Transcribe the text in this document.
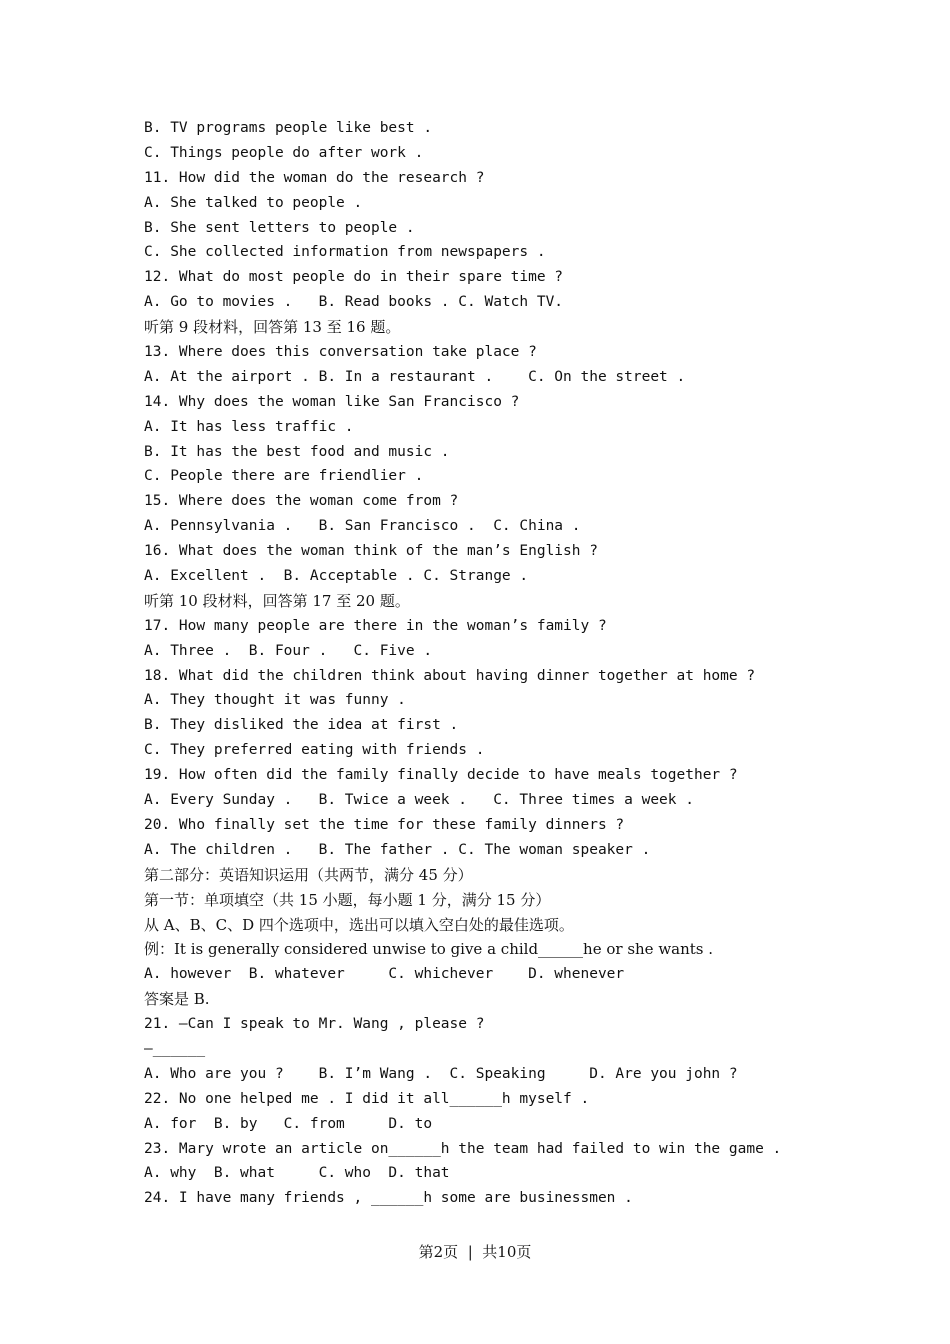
B. TV programs people like best .
C. Things people do after work .
11. How did the woman do the research ?
A. She talked to people .
B. She sent letters to people .
C. She collected information from newspapers .
12. What do most people do in their spare time ?
A. Go to movies .   B. Read books . C. Watch TV.
听第 9 段材料，回答第 13 至 16 题。
13. Where does this conversation take place ?
A. At the airport . B. In a restaurant .    C. On the street .
14. Why does the woman like San Francisco ?
A. It has less traffic .
B. It has the best food and music .
C. People there are friendlier .
15. Where does the woman come from ?
A. Pennsylvania .   B. San Francisco .  C. China .
16. What does the woman think of the man’s English ?
A. Excellent .  B. Acceptable . C. Strange .
听第 10 段材料，回答第 17 至 20 题。
17. How many people are there in the woman’s family ?
A. Three .  B. Four .   C. Five .
18. What did the children think about having dinner together at home ?
A. They thought it was funny .
B. They disliked the idea at first .
C. They preferred eating with friends .
19. How often did the family finally decide to have meals together ?
A. Every Sunday .   B. Twice a week .   C. Three times a week .
20. Who finally set the time for these family dinners ?
A. The children .   B. The father . C. The woman speaker .
第二部分：英语知识运用（共两节，满分 45 分）
第一节：单项填空（共 15 小题，每小题 1 分，满分 15 分）
从 A、B、C、D 四个选项中，选出可以填入空白处的最佳选项。
例：It is generally considered unwise to give a child______he or she wants .
A. however  B. whatever     C. whichever    D. whenever
答案是 B.
21. —Can I speak to Mr. Wang , please ?
—______
A. Who are you ?    B. I’m Wang .  C. Speaking     D. Are you john ?
22. No one helped me . I did it all______h myself .
A. for  B. by   C. from     D. to
23. Mary wrote an article on______h the team had failed to win the game .
A. why  B. what     C. who  D. that
24. I have many friends , ______h some are businessmen .
第2页  |  共10页
